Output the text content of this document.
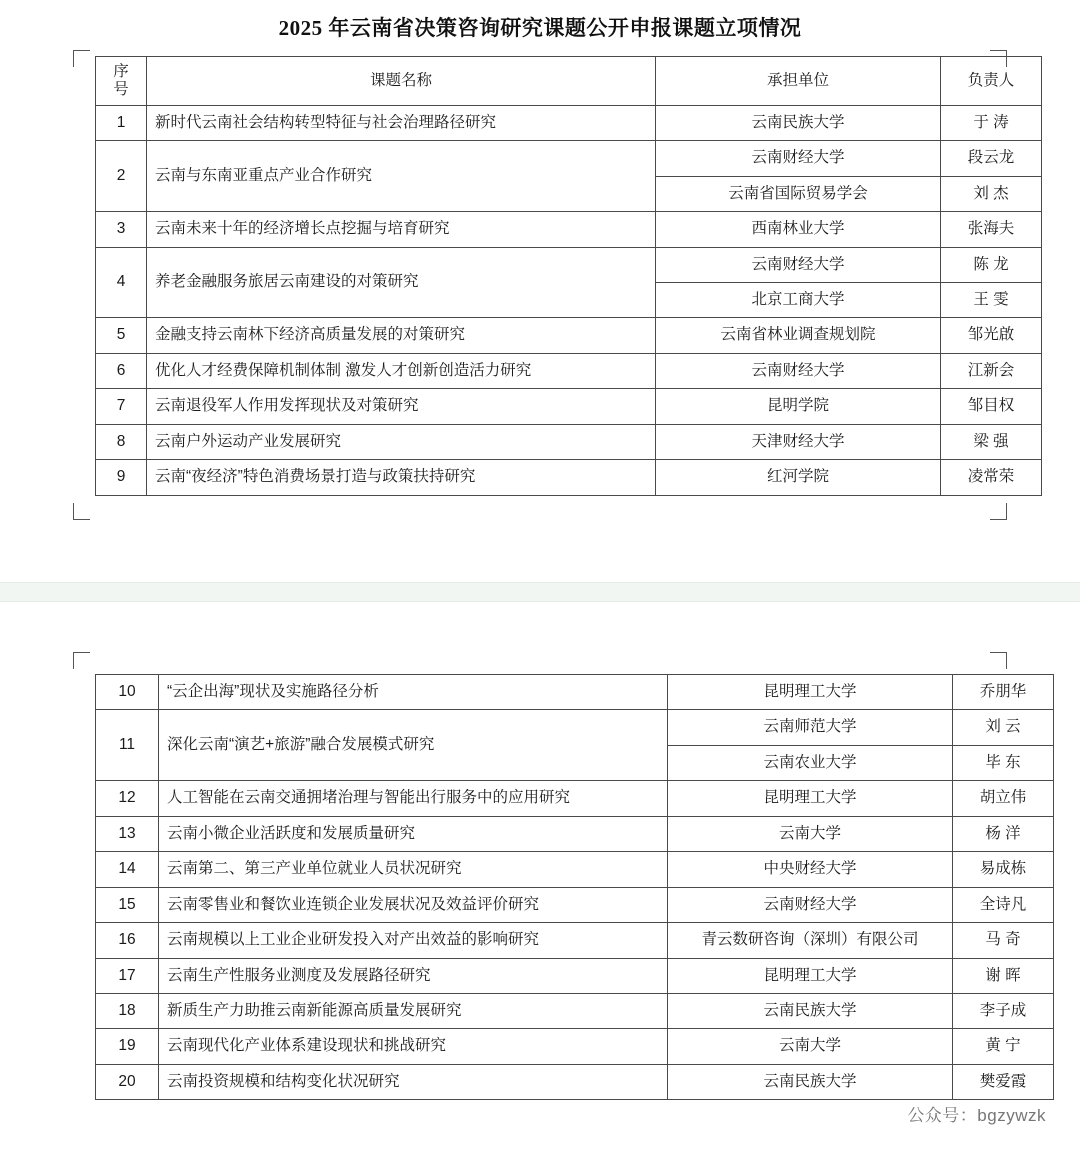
2025 年云南省决策咨询研究课题公开申报课题立项情况
序
号	课题名称	承担单位	负责人
1	新时代云南社会结构转型特征与社会治理路径研究	云南民族大学	于 涛
2	云南与东南亚重点产业合作研究	云南财经大学	段云龙
		云南省国际贸易学会	刘 杰
3	云南未来十年的经济增长点挖掘与培育研究	西南林业大学	张海夫
4	养老金融服务旅居云南建设的对策研究	云南财经大学	陈 龙
		北京工商大学	王 雯
5	金融支持云南林下经济高质量发展的对策研究	云南省林业调查规划院	邹光啟
6	优化人才经费保障机制体制 激发人才创新创造活力研究	云南财经大学	江新会
7	云南退役军人作用发挥现状及对策研究	昆明学院	邹目权
8	云南户外运动产业发展研究	天津财经大学	梁 强
9	云南“夜经济”特色消费场景打造与政策扶持研究	红河学院	凌常荣
10	“云企出海”现状及实施路径分析	昆明理工大学	乔朋华
11	深化云南“演艺+旅游”融合发展模式研究	云南师范大学	刘 云
		云南农业大学	毕 东
12	人工智能在云南交通拥堵治理与智能出行服务中的应用研究	昆明理工大学	胡立伟
13	云南小微企业活跃度和发展质量研究	云南大学	杨 洋
14	云南第二、第三产业单位就业人员状况研究	中央财经大学	易成栋
15	云南零售业和餐饮业连锁企业发展状况及效益评价研究	云南财经大学	全诗凡
16	云南规模以上工业企业研发投入对产出效益的影响研究	青云数研咨询（深圳）有限公司	马 奇
17	云南生产性服务业测度及发展路径研究	昆明理工大学	谢 晖
18	新质生产力助推云南新能源高质量发展研究	云南民族大学	李子成
19	云南现代化产业体系建设现状和挑战研究	云南大学	黄 宁
20	云南投资规模和结构变化状况研究	云南民族大学	樊爱霞
公众号：bgzywzk
